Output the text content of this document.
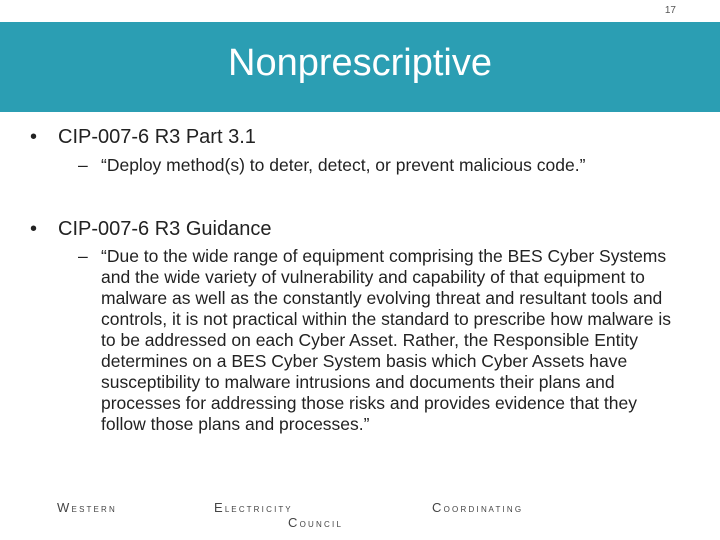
17
Nonprescriptive
• CIP-007-6 R3 Part 3.1
– “Deploy method(s) to deter, detect, or prevent malicious code.”
• CIP-007-6 R3 Guidance
– “Due to the wide range of equipment comprising the BES Cyber Systems and the wide variety of vulnerability and capability of that equipment to malware as well as the constantly evolving threat and resultant tools and controls, it is not practical within the standard to prescribe how malware is to be addressed on each Cyber Asset. Rather, the Responsible Entity determines on a BES Cyber System basis which Cyber Assets have susceptibility to malware intrusions and documents their plans and processes for addressing those risks and provides evidence that they follow those plans and processes.”
W E S T E R N	E L E C T R I C I T Y
C O U N C I L
C O O R D I N A T I N G
